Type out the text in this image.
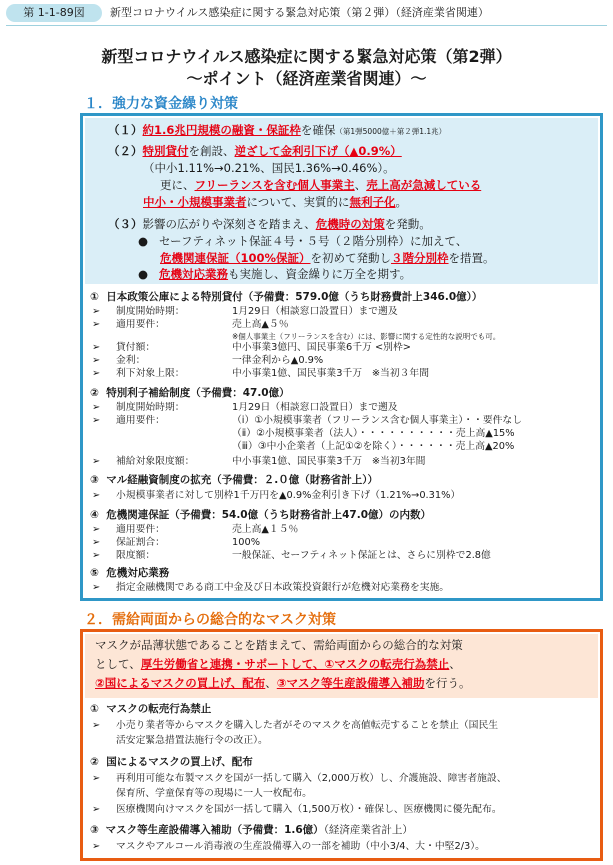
第 1-1-89図	新型コロナウイルス感染症に関する緊急対応策（第２弾）（経済産業省関連）
新型コロナウイルス感染症に関する緊急対応策（第2弾）
～ポイント（経済産業省関連）～
１．強力な資金繰り対策
（１）約1.6兆円規模の融資・保証枠を確保（第1弾5000億＋第２弾1.1兆）
（２）特別貸付を創設、逆ざして金利引下げ（▲0.9%）
（中小1.11%→0.21%、国民1.36%→0.46%）。
更に、フリーランスを含む個人事業主、売上高が急減している
中小・小規模事業者について、実質的に無利子化。
（３）影響の広がりや深刻さを踏まえ、危機時の対策を発動。
● セーフティネット保証４号・５号（２階分別枠）に加えて、
危機関連保証（100%保証）を初めて発動し３階分別枠を措置。
● 危機対応業務も実施し、資金繰りに万全を期す。
① 日本政策公庫による特別貸付（予備費：579.0億（うち財務費計上346.0億））
➢ 制度開始時期：	1月29日（相談窓口設置日）まで遡及
➢ 適用要件：	売上高▲５％
※個人事業主（フリーランスを含む）には、影響に関する定性的な説明でも可。
➢ 貸付額：	中小事業3億円、国民事業6千万 <別枠>
➢ 金利：	一律金利から▲0.9%
➢ 利下対象上限：	中小事業1億、国民事業3千万　※当初３年間
② 特別利子補給制度（予備費：47.0億）
➢ 制度開始時期：	1月29日（相談窓口設置日）まで遡及
➢ 適用要件：	（ⅰ）①小規模事業者（フリーランス含む個人事業主）・・要件なし
（ⅱ）②小規模事業者（法人）・・・・・・・・・・売上高▲15%
（ⅲ）③中小企業者（上記①②を除く）・・・・・・売上高▲20%
➢ 補給対象限度額：	中小事業1億、国民事業3千万　※当初3年間
③ マル経融資制度の拡充（予備費：２.０億（財務省計上））
➢ 小規模事業者に対して別枠1千万円を▲0.9%金利引き下げ（1.21%→0.31%）
④ 危機関連保証（予備費：54.0億（うち財務省計上47.0億）の内数）
➢ 適用要件：	売上高▲１５％
➢ 保証割合：	100%
➢ 限度額：	一般保証、セーフティネット保証とは、さらに別枠で2.8億
⑤ 危機対応業務
➢ 指定金融機関である商工中金及び日本政策投資銀行が危機対応業務を実施。
２．需給両面からの総合的なマスク対策
マスクが品薄状態であることを踏まえて、需給両面からの総合的な対策
として、厚生労働省と連携・サポートして、①マスクの転売行為禁止、
②国によるマスクの買上げ、配布、③マスク等生産設備導入補助を行う。
① マスクの転売行為禁止
➢ 小売り業者等からマスクを購入した者がそのマスクを高値転売することを禁止（国民生
活安定緊急措置法施行令の改正）。
② 国によるマスクの買上げ、配布
➢ 再利用可能な布製マスクを国が一括して購入（2,000万枚）し、介護施設、障害者施設、
保育所、学童保育等の現場に一人一枚配布。
➢ 医療機関向けマスクを国が一括して購入（1,500万枚）・確保し、医療機関に優先配布。
③ マスク等生産設備導入補助（予備費：1.6億）（経済産業省計上）
➢ マスクやアルコール消毒液の生産設備導入の一部を補助（中小3/4、大・中堅2/3）。
